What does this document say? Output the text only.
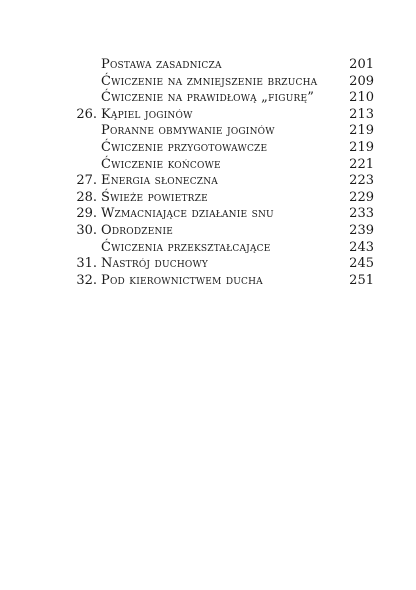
Postawa zasadnicza	201
Ćwiczenie na zmniejszenie brzucha 209
Ćwiczenie na prawidłową „figurę”	210
26. Kąpiel joginów	213
Poranne obmywanie joginów	219
Ćwiczenie przygotowawcze	219
Ćwiczenie końcowe	221
27. Energia słoneczna	223
28. Świeże powietrze	229
29. Wzmacniające działanie snu	233
30. Odrodzenie	239
Ćwiczenia przekształcające	243
31. Nastrój duchowy	245
32. Pod kierownictwem ducha	251
